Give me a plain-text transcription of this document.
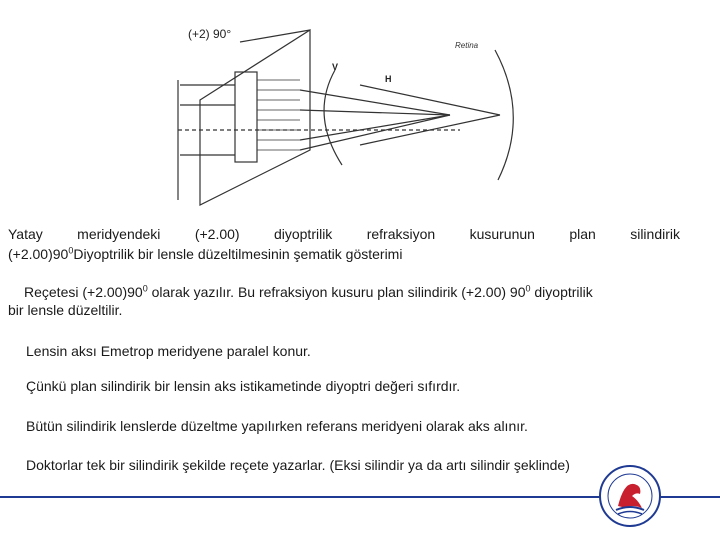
(+2) 90°
Retina
V
H
Yatay meridyendeki (+2.00) diyoptrilik refraksiyon kusurunun plan silindirik
$(+2.00)90^0Diyoptrilik$ bir lensle düzeltilmesinin şematik gösterimi
Reçetesi $(+2.00)90^0$ olarak yazılır. Bu refraksiyon kusuru plan silindirik (+2.00) $90^0$ diyoptrilik
bir lensle düzeltilir.
Lensin aksı Emetrop meridyene paralel konur.
Çünkü plan silindirik bir lensin aks istikametinde diyoptri değeri sıfırdır.
Bütün silindirik lenslerde düzeltme yapılırken referans meridyeni olarak aks alınır.
Doktorlar tek bir silindirik şekilde reçete yazarlar. (Eksi silindir ya da artı silindir şeklinde)
